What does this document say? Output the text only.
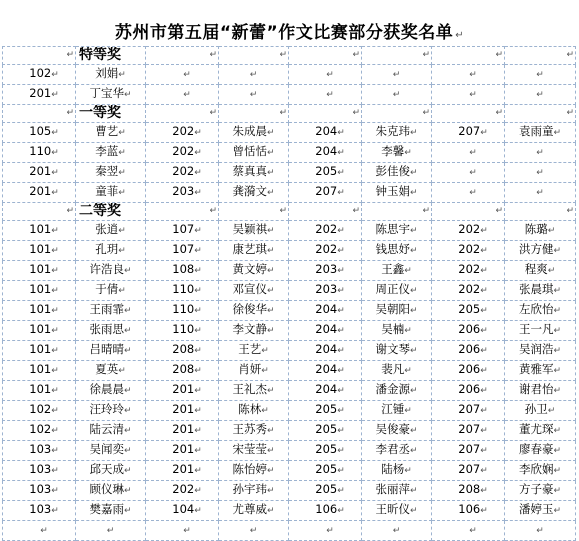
苏州市第五届“新蕾”作文比赛部分获奖名单 ↵
↵	特等奖	↵	↵	↵	↵	↵	↵

102↵	刘娟↵	↵	↵	↵	↵	↵	↵
201↵	丁宝华↵	↵	↵	↵	↵	↵	↵

↵	一等奖	↵	↵	↵	↵	↵	↵

105↵	曹艺↵	202↵	朱成晨↵	204↵	朱克玮↵	207↵	袁雨童↵
110↵	李蓝↵	202↵	曾恬恬↵	204↵	李馨↵	↵	↵
201↵	秦翌↵	202↵	蔡真真↵	205↵	彭佳俊↵	↵	↵
201↵	童菲↵	203↵	龚漪文↵	207↵	钟玉娟↵	↵	↵

↵	二等奖	↵	↵	↵	↵	↵	↵

101↵	张逍↵	107↵	吴颖祺↵	202↵	陈思宇↵	202↵	陈璐↵
101↵	孔玥↵	107↵	康艺琪↵	202↵	钱思妤↵	202↵	洪方健↵
101↵	许浩良↵	108↵	黄文婷↵	203↵	王鑫↵	202↵	程爽↵
101↵	于倩↵	110↵	邓宣仪↵	203↵	周正仪↵	202↵	张晨琪↵
101↵	王雨霏↵	110↵	徐俊华↵	204↵	吴朝阳↵	205↵	左欣怡↵
101↵	张雨思↵	110↵	李文静↵	204↵	吴楠↵	206↵	王一凡↵
101↵	吕晴晴↵	208↵	王艺↵	204↵	谢文琴↵	206↵	吴润浩↵
101↵	夏英↵	208↵	肖妍↵	204↵	裴凡↵	206↵	黄雅军↵
101↵	徐晨晨↵	201↵	王礼杰↵	204↵	潘金源↵	206↵	谢君怡↵
102↵	汪玲玲↵	201↵	陈林↵	205↵	江锺↵	207↵	孙卫↵
102↵	陆云清↵	201↵	王苏秀↵	205↵	吴俊豪↵	207↵	董尤琛↵
103↵	吴闻奕↵	201↵	宋莹莹↵	205↵	李君丞↵	207↵	廖春豪↵
103↵	邱天成↵	201↵	陈怡婷↵	205↵	陆杨↵	207↵	李欣娴↵
103↵	顾仪琳↵	202↵	孙宇玮↵	205↵	张丽萍↵	208↵	方子豪↵
103↵	樊嘉雨↵	104↵	尤尊威↵	106↵	王昕仪↵	106↵	潘婷玉↵
↵	↵	↵	↵	↵	↵	↵	↵
